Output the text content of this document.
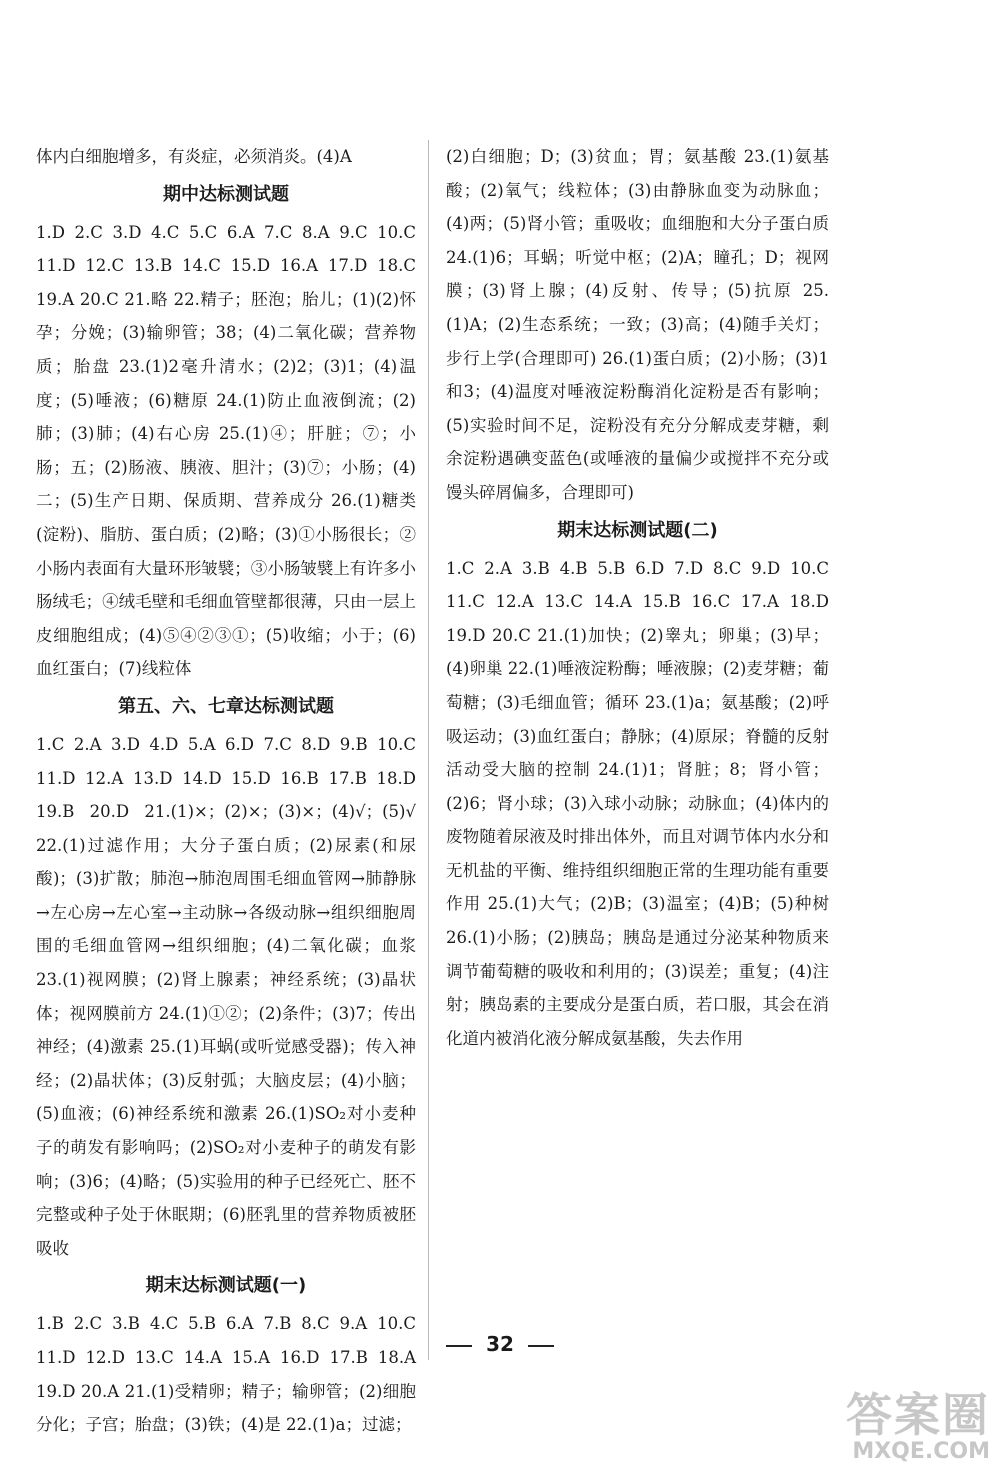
体内白细胞增多，有炎症，必须消炎。(4)A

期中达标测试题

1.D 2.C 3.D 4.C 5.C 6.A 7.C 8.A 9.C 10.C 11.D 12.C 13.B 14.C 15.D 16.A 17.D 18.C 19.A 20.C 21.略 22.精子；胚泡；胎儿；(1)(2)怀孕；分娩；(3)输卵管；38；(4)二氧化碳；营养物质；胎盘 23.(1)2毫升清水；(2)2；(3)1；(4)温度；(5)唾液；(6)糖原 24.(1)防止血液倒流；(2)肺；(3)肺；(4)右心房 25.(1)④；肝脏；⑦；小肠；五；(2)肠液、胰液、胆汁；(3)⑦；小肠；(4)二；(5)生产日期、保质期、营养成分 26.(1)糖类(淀粉)、脂肪、蛋白质；(2)略；(3)①小肠很长；②小肠内表面有大量环形皱襞；③小肠皱襞上有许多小肠绒毛；④绒毛壁和毛细血管壁都很薄，只由一层上皮细胞组成；(4)⑤④②③①；(5)收缩；小于；(6)血红蛋白；(7)线粒体

第五、六、七章达标测试题

1.C 2.A 3.D 4.D 5.A 6.D 7.C 8.D 9.B 10.C 11.D 12.A 13.D 14.D 15.D 16.B 17.B 18.D 19.B 20.D 21.(1)×；(2)×；(3)×；(4)√；(5)√ 22.(1)过滤作用；大分子蛋白质；(2)尿素(和尿酸)；(3)扩散；肺泡→肺泡周围毛细血管网→肺静脉→左心房→左心室→主动脉→各级动脉→组织细胞周围的毛细血管网→组织细胞；(4)二氧化碳；血浆 23.(1)视网膜；(2)肾上腺素；神经系统；(3)晶状体；视网膜前方 24.(1)①②；(2)条件；(3)7；传出神经；(4)激素 25.(1)耳蜗(或听觉感受器)；传入神经；(2)晶状体；(3)反射弧；大脑皮层；(4)小脑；(5)血液；(6)神经系统和激素 26.(1)SO₂对小麦种子的萌发有影响吗；(2)SO₂对小麦种子的萌发有影响；(3)6；(4)略；(5)实验用的种子已经死亡、胚不完整或种子处于休眠期；(6)胚乳里的营养物质被胚吸收

期末达标测试题(一)

1.B 2.C 3.B 4.C 5.B 6.A 7.B 8.C 9.A 10.C 11.D 12.D 13.C 14.A 15.A 16.D 17.B 18.A 19.D 20.A 21.(1)受精卵；精子；输卵管；(2)细胞分化；子宫；胎盘；(3)铁；(4)是 22.(1)a；过滤；

(2)白细胞；D；(3)贫血；胃；氨基酸 23.(1)氨基酸；(2)氧气；线粒体；(3)由静脉血变为动脉血；(4)两；(5)肾小管；重吸收；血细胞和大分子蛋白质 24.(1)6；耳蜗；听觉中枢；(2)A；瞳孔；D；视网膜；(3)肾上腺；(4)反射、传导；(5)抗原 25.(1)A；(2)生态系统；一致；(3)高；(4)随手关灯；步行上学(合理即可) 26.(1)蛋白质；(2)小肠；(3)1和3；(4)温度对唾液淀粉酶消化淀粉是否有影响；(5)实验时间不足，淀粉没有充分分解成麦芽糖，剩余淀粉遇碘变蓝色(或唾液的量偏少或搅拌不充分或馒头碎屑偏多，合理即可)

期末达标测试题(二)

1.C 2.A 3.B 4.B 5.B 6.D 7.D 8.C 9.D 10.C 11.C 12.A 13.C 14.A 15.B 16.C 17.A 18.D 19.D 20.C 21.(1)加快；(2)睾丸；卵巢；(3)早；(4)卵巢 22.(1)唾液淀粉酶；唾液腺；(2)麦芽糖；葡萄糖；(3)毛细血管；循环 23.(1)a；氨基酸；(2)呼吸运动；(3)血红蛋白；静脉；(4)原尿；脊髓的反射活动受大脑的控制 24.(1)1；肾脏；8；肾小管；(2)6；肾小球；(3)入球小动脉；动脉血；(4)体内的废物随着尿液及时排出体外，而且对调节体内水分和无机盐的平衡、维持组织细胞正常的生理功能有重要作用 25.(1)大气；(2)B；(3)温室；(4)B；(5)种树 26.(1)小肠；(2)胰岛；胰岛是通过分泌某种物质来调节葡萄糖的吸收和利用的；(3)误差；重复；(4)注射；胰岛素的主要成分是蛋白质，若口服，其会在消化道内被消化液分解成氨基酸，失去作用

32
答案圈
MXQE.COM
